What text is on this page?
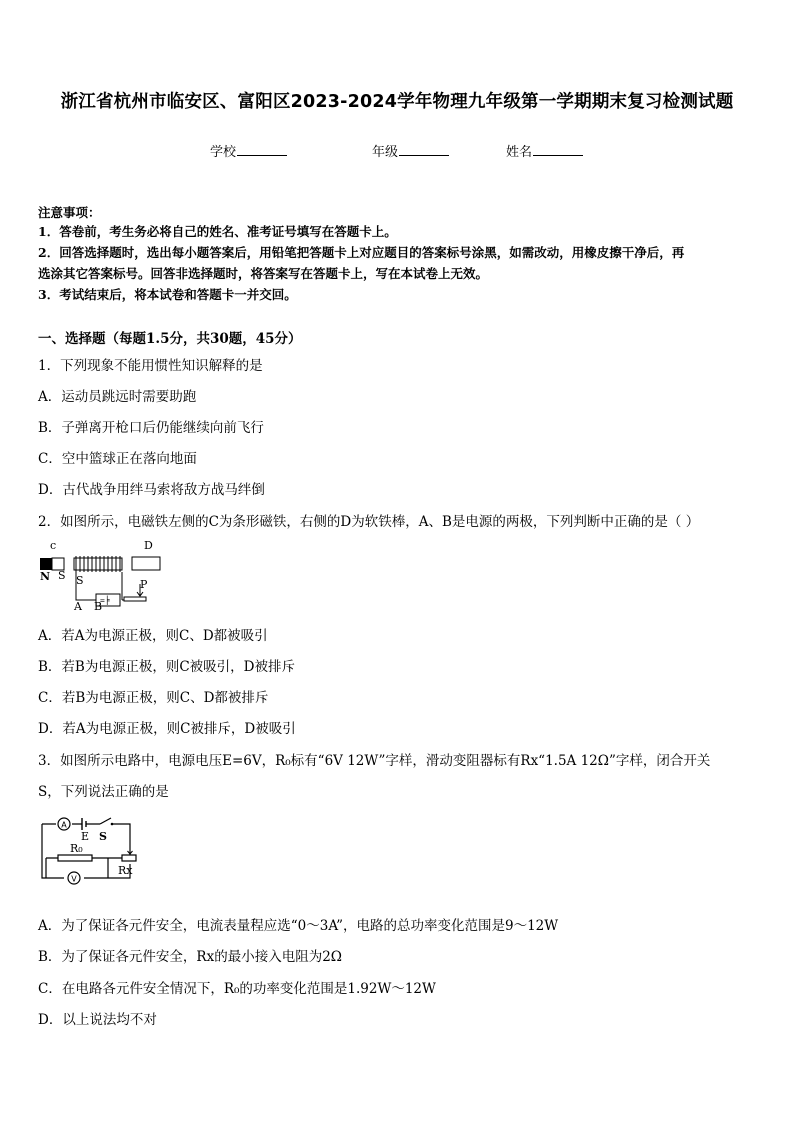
浙江省杭州市临安区、富阳区2023-2024学年物理九年级第一学期期末复习检测试题
学校	年级	姓名
注意事项：
1．答卷前，考生务必将自己的姓名、准考证号填写在答题卡上。
2．回答选择题时，选出每小题答案后，用铅笔把答题卡上对应题目的答案标号涂黑，如需改动，用橡皮擦干净后，再
选涂其它答案标号。回答非选择题时，将答案写在答题卡上，写在本试卷上无效。
3．考试结束后，将本试卷和答题卡一并交回。
一、选择题（每题1.5分，共30题，45分）
1．下列现象不能用惯性知识解释的是
A．运动员跳远时需要助跑
B．子弹离开枪口后仍能继续向前飞行
C．空中篮球正在落向地面
D．古代战争用绊马索将敌方战马绊倒
2．如图所示，电磁铁左侧的C为条形磁铁，右侧的D为软铁棒，A、B是电源的两极，下列判断中正确的是（ ）
c	D
N S S
=╞
P
A B
A．若A为电源正极，则C、D都被吸引
B．若B为电源正极，则C被吸引，D被排斥
C．若B为电源正极，则C、D都被排斥
D．若A为电源正极，则C被排斥，D被吸引
3．如图所示电路中，电源电压E=6V，R₀标有“6V 12W”字样，滑动变阻器标有Rx“1.5A 12Ω”字样，闭合开关
S，下列说法正确的是
A
E S
R₀
Rx
V
A．为了保证各元件安全，电流表量程应选“0～3A”，电路的总功率变化范围是9～12W
B．为了保证各元件安全，Rx的最小接入电阻为2Ω
C．在电路各元件安全情况下，R₀的功率变化范围是1.92W～12W
D．以上说法均不对
